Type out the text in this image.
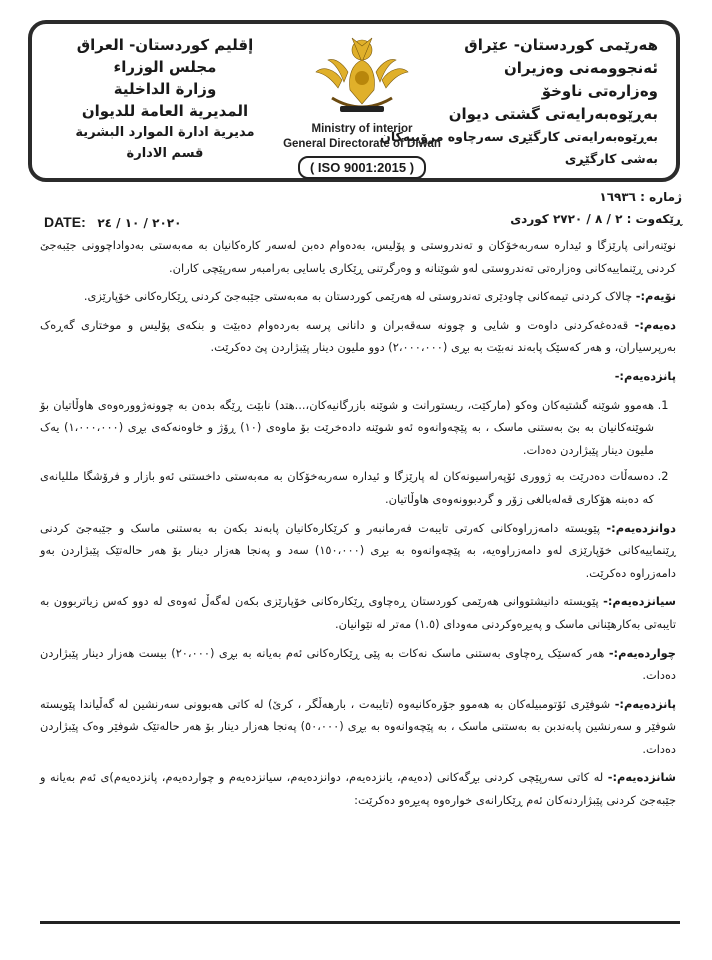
هەرێمی کوردستان- عێراق
ئەنجوومەنی وەزیران
وەزارەتی ناوخۆ
بەڕێوەبەرایەتی گشتی دیوان
بەڕێوەبەرایەتی کارگێڕی سەرچاوە مرۆییەکان
بەشی کارگێڕی
Ministry of interior
General Directorate of Diwan
( ISO 9001:2015 )
إقليم كوردستان- العراق
مجلس الوزراء
وزارة الداخلية
المديرية العامة للديوان
مديرية ادارة الموارد البشرية
قسم الادارة
ژمارە : ١٦٩٣٦
ڕێکەوت : ٢ / ٨ / ٢٧٢٠ کوردی
DATE: ٢٠٢٠ / ١٠ / ٢٤

نوێنەرانی پارێزگا و ئیدارە سەربەخۆکان و تەندروستی و پۆلیس، بەدەوام دەبن لەسەر کارەکانیان بە مەبەستی بەدواداچوونی جێبەجێ کردنی ڕێنماییەکانی وەزارەتی تەندروستی لەو شوێنانە و وەرگرتنی ڕێکاری یاسایی بەرامبەر سەرپێچی کاران.

نۆیەم:- چالاک کردنی تیمەکانی چاودێری تەندروستی لە هەرێمی کوردستان بە مەبەستی جێبەجێ کردنی ڕێکارەکانی خۆپارێزی.

دەیەم:- قەدەغەکردنی داوەت و شایی و چوونە سەقەبران و دانانی پرسە بەردەوام دەبێت و بنکەی پۆلیس و موختاری گەڕەک بەرپرسیاران، و هەر کەسێک پابەند نەبێت بە بڕی (٢،٠٠٠،٠٠٠) دوو ملیون دینار پێبژاردن پێ دەکرێت.

پانزدەیەم:-
1. هەموو شوێنە گشتیەکان وەکو (مارکێت، ریستورانت و شوێنە بازرگانیەکان،...هتد) نابێت ڕێگە بدەن بە چوونەژوورەوەی هاوڵاتیان بۆ شوێنەکانیان بە بێ بەستنی ماسک ، بە پێچەوانەوە ئەو شوێنە دادەخرێت بۆ ماوەی (١٠) ڕۆژ و خاوەنەکەی بڕی (١،٠٠٠،٠٠٠) یەک ملیون دینار پێبژاردن دەدات.
2. دەسەڵات دەدرێت بە ژووری ئۆپەراسیونەکان لە پارێزگا و ئیدارە سەربەخۆکان بە مەبەستی داخستنی ئەو بازار و فرۆشگا مللیانەی کە دەبنە هۆکاری قەلەبالغی زۆر و گردبوونەوەی هاوڵاتیان.

دوانزدەیەم:- پێویستە دامەزراوەکانی کەرتی تایبەت فەرمانبەر و کرێکارەکانیان پابەند بکەن بە بەستنی ماسک و جێبەجێ کردنی ڕێنماییەکانی خۆپارێزی لەو دامەزراوەیە، بە پێچەوانەوە بە بڕی (١٥٠،٠٠٠) سەد و پەنجا هەزار دینار بۆ هەر حالەتێک پێبژاردن بەو دامەزراوە دەکرێت.

سیانزدەیەم:- پێویستە دانیشتووانی هەرێمی کوردستان ڕەچاوی ڕێکارەکانی خۆپارێزی بکەن لەگەڵ ئەوەی لە دوو کەس زیاتربوون بە تایبەتی بەکارهێنانی ماسک و پەیڕەوکردنی مەودای (١.٥) مەتر لە نێوانیان.

چواردەیەم:- هەر کەسێک ڕەچاوی بەستنی ماسک نەکات بە پێی ڕێکارەکانی ئەم بەیانە بە بڕی (٢٠،٠٠٠) بیست هەزار دینار پێبژاردن دەدات.

پانزدەیەم:- شوفێری ئۆتومبیلەکان بە هەموو جۆرەکانیەوە (تایبەت ، بارهەڵگر ، کرێ) لە کاتی هەبوونی سەرنشین لە گەڵیاندا پێویستە شوفێر و سەرنشین پابەندبن بە بەستنی ماسک ، بە پێچەوانەوە بە بڕی (٥٠،٠٠٠) پەنجا هەزار دینار بۆ هەر حالەتێک شوفێر وەک پێبژاردن دەدات.

شانزدەیەم:- لە کاتی سەرپێچی کردنی بڕگەکانی (دەیەم، یانزدەیەم، دوانزدەیەم، سیانزدەیەم و چواردەیەم، پانزدەیەم)ی ئەم بەیانە و جێبەجێ کردنی پێبژاردنەکان ئەم ڕێکارانەی خوارەوە پەیڕەو دەکرێت:
